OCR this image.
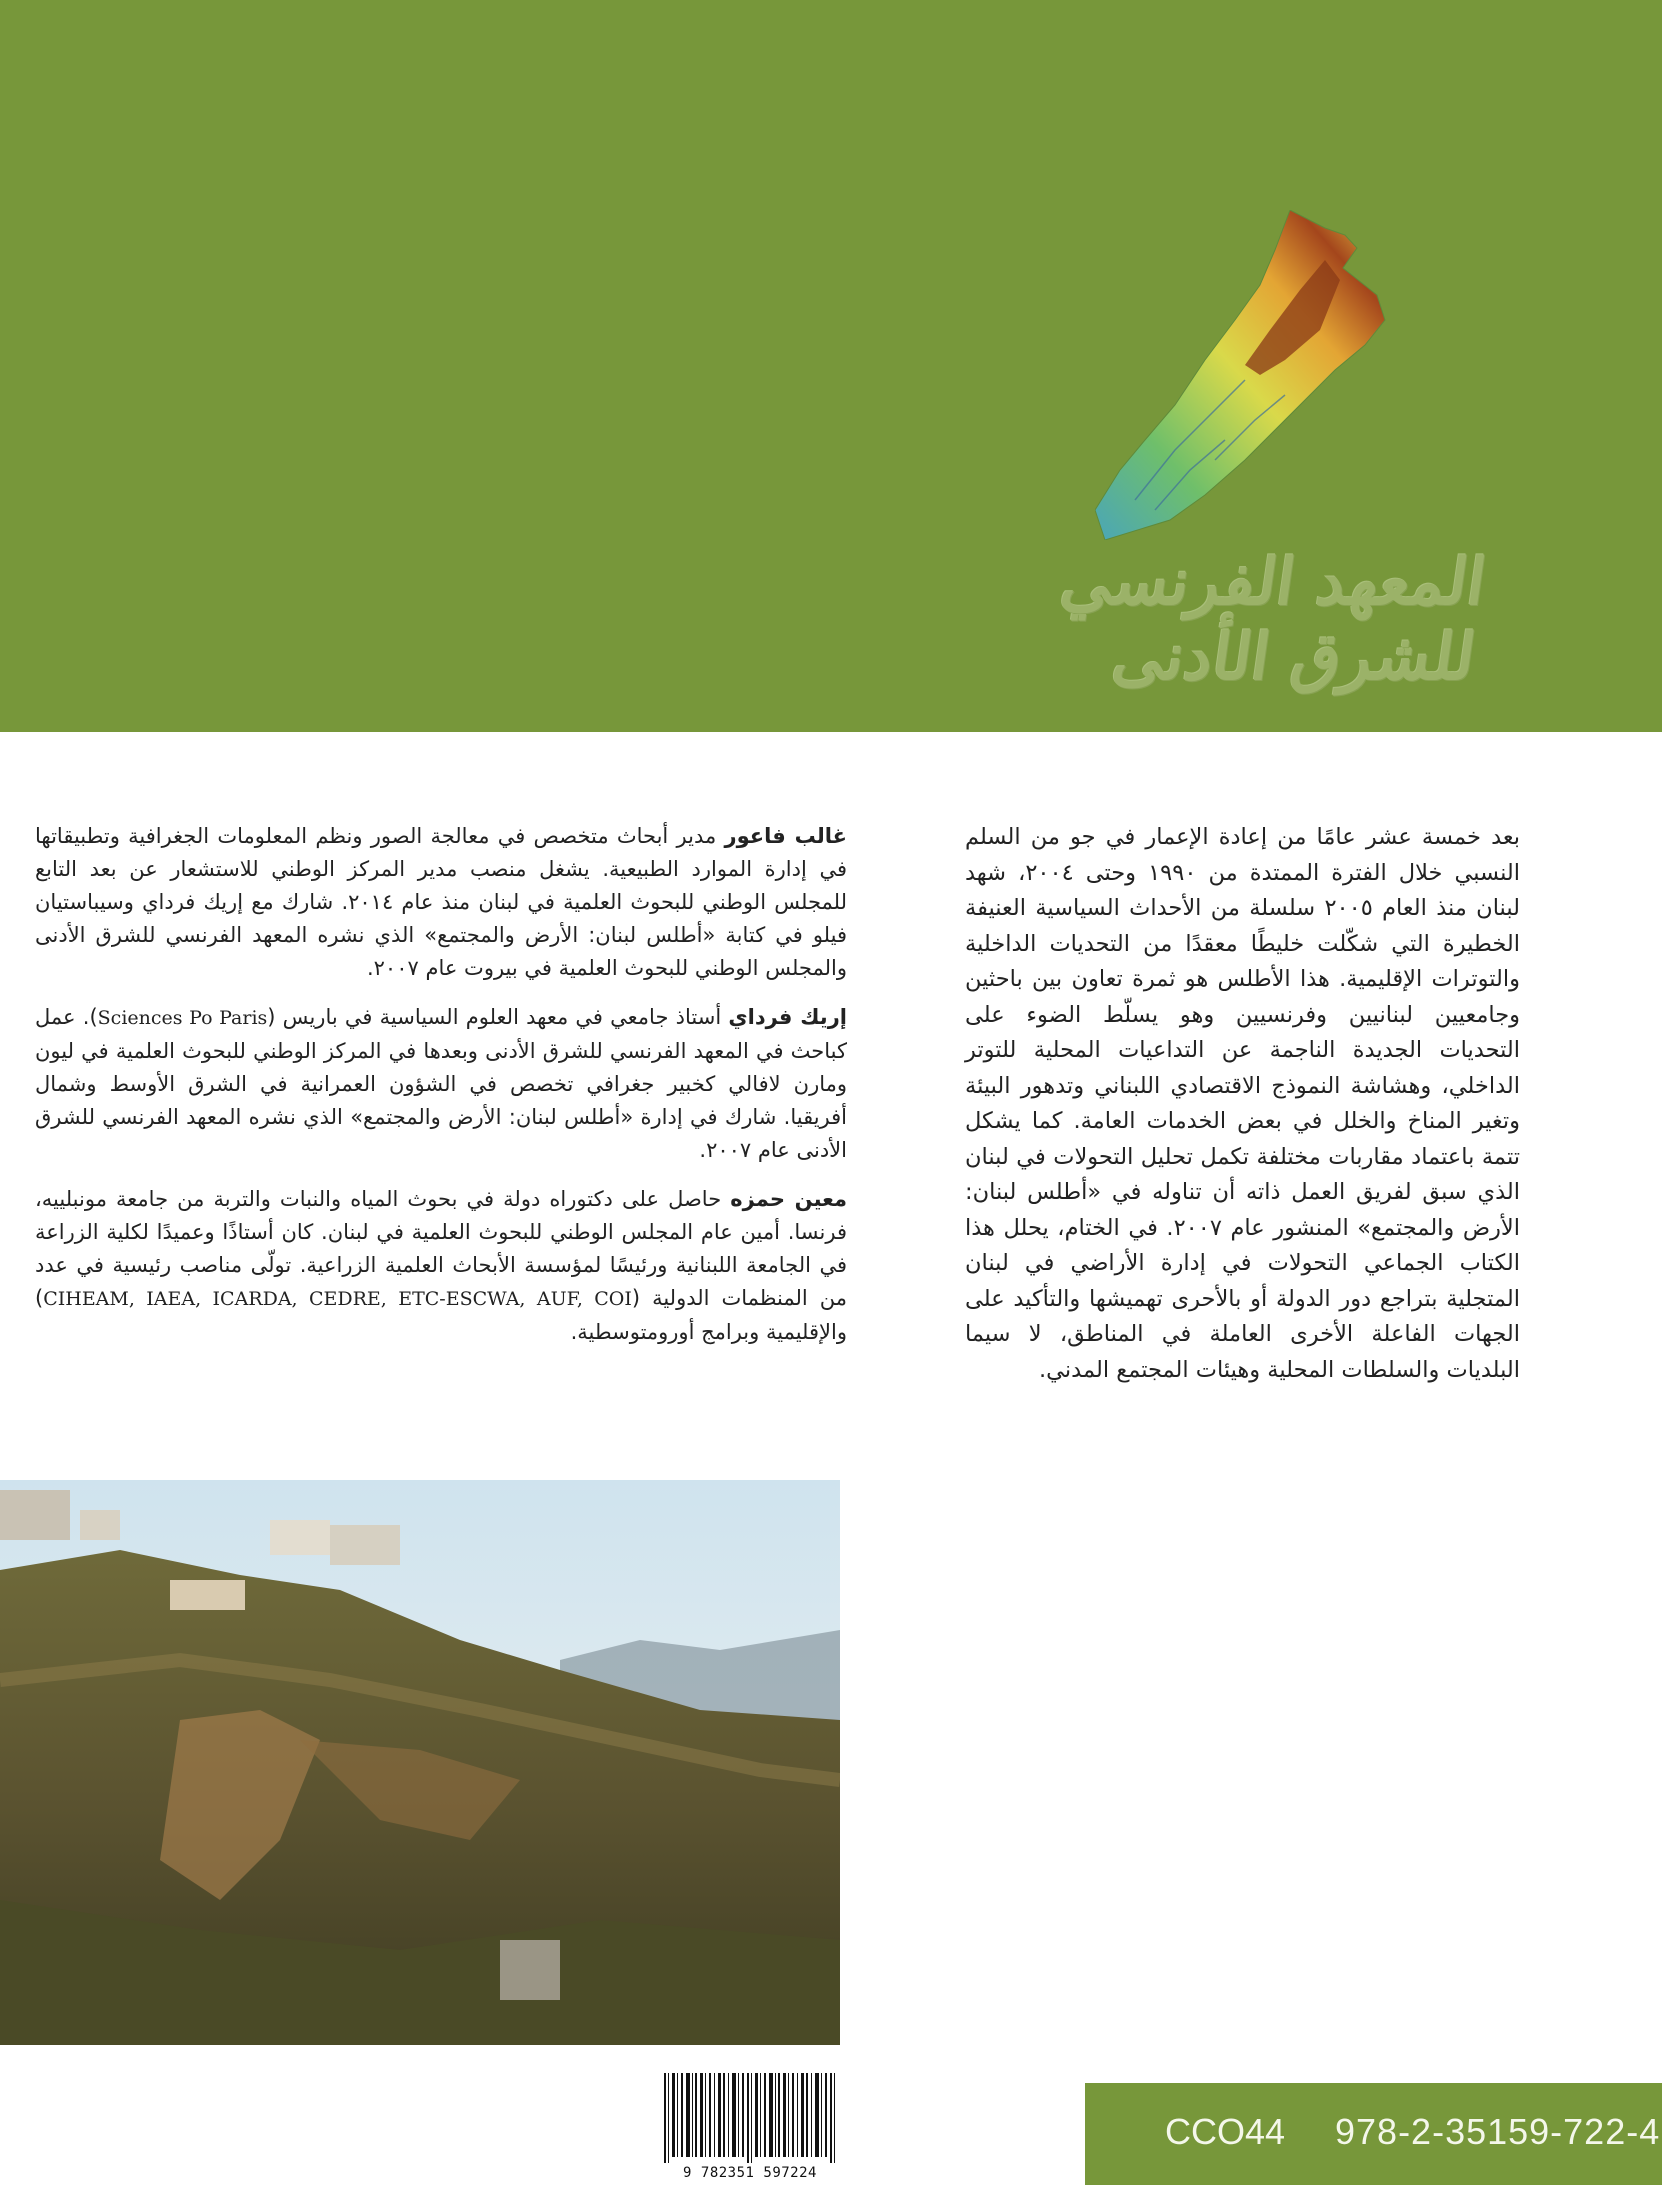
المعهد الفرنسي للشرق الأدنى

بعد خمسة عشر عامًا من إعادة الإعمار في جو من السلم النسبي خلال الفترة الممتدة من ١٩٩٠ وحتى ٢٠٠٤، شهد لبنان منذ العام ٢٠٠٥ سلسلة من الأحداث السياسية العنيفة الخطيرة التي شكّلت خليطًا معقدًا من التحديات الداخلية والتوترات الإقليمية. هذا الأطلس هو ثمرة تعاون بين باحثين وجامعيين لبنانيين وفرنسيين وهو يسلّط الضوء على التحديات الجديدة الناجمة عن التداعيات المحلية للتوتر الداخلي، وهشاشة النموذج الاقتصادي اللبناني وتدهور البيئة وتغير المناخ والخلل في بعض الخدمات العامة. كما يشكل تتمة باعتماد مقاربات مختلفة تكمل تحليل التحولات في لبنان الذي سبق لفريق العمل ذاته أن تناوله في «أطلس لبنان: الأرض والمجتمع» المنشور عام ٢٠٠٧. في الختام، يحلل هذا الكتاب الجماعي التحولات في إدارة الأراضي في لبنان المتجلية بتراجع دور الدولة أو بالأحرى تهميشها والتأكيد على الجهات الفاعلة الأخرى العاملة في المناطق، لا سيما البلديات والسلطات المحلية وهيئات المجتمع المدني.

غالب فاعور مدير أبحاث متخصص في معالجة الصور ونظم المعلومات الجغرافية وتطبيقاتها في إدارة الموارد الطبيعية. يشغل منصب مدير المركز الوطني للاستشعار عن بعد التابع للمجلس الوطني للبحوث العلمية في لبنان منذ عام ٢٠١٤. شارك مع إريك فرداي وسيباستيان فيلو في كتابة «أطلس لبنان: الأرض والمجتمع» الذي نشره المعهد الفرنسي للشرق الأدنى والمجلس الوطني للبحوث العلمية في بيروت عام ٢٠٠٧.

إريك فرداي أستاذ جامعي في معهد العلوم السياسية في باريس (Sciences Po Paris). عمل كباحث في المعهد الفرنسي للشرق الأدنى وبعدها في المركز الوطني للبحوث العلمية في ليون ومارن لافالي كخبير جغرافي تخصص في الشؤون العمرانية في الشرق الأوسط وشمال أفريقيا. شارك في إدارة «أطلس لبنان: الأرض والمجتمع» الذي نشره المعهد الفرنسي للشرق الأدنى عام ٢٠٠٧.

معين حمزه حاصل على دكتوراه دولة في بحوث المياه والنبات والتربة من جامعة مونبلييه، فرنسا. أمين عام المجلس الوطني للبحوث العلمية في لبنان. كان أستاذًا وعميدًا لكلية الزراعة في الجامعة اللبنانية ورئيسًا لمؤسسة الأبحاث العلمية الزراعية. تولّى مناصب رئيسية في عدد من المنظمات الدولية (CIHEAM, IAEA, ICARDA, CEDRE, ETC-ESCWA, AUF, COI) والإقليمية وبرامج أورومتوسطية.

9 782351 597224
CCO44 978-2-35159-722-4
